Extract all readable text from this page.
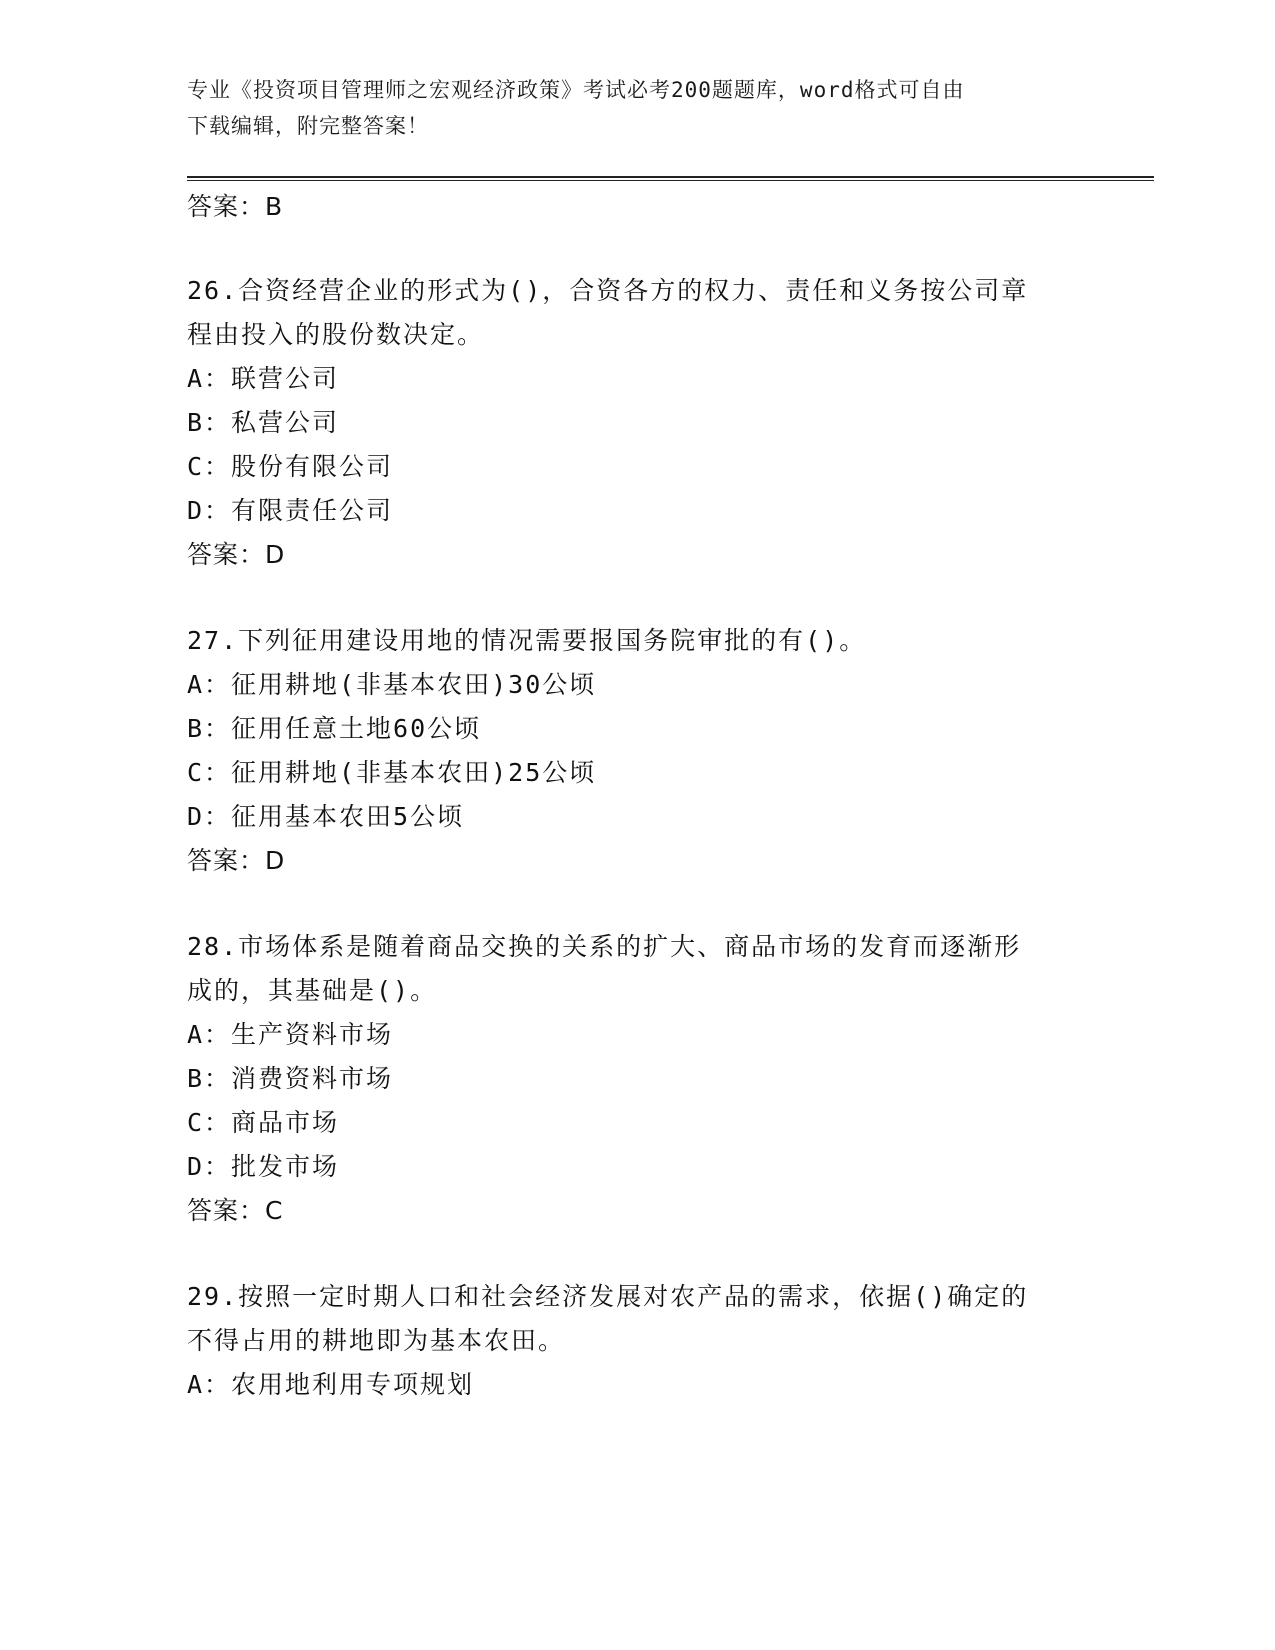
专业《投资项目管理师之宏观经济政策》考试必考200题题库，word格式可自由
下载编辑，附完整答案！
答案：B
26.合资经营企业的形式为()，合资各方的权力、责任和义务按公司章
程由投入的股份数决定。
A：联营公司
B：私营公司
C：股份有限公司
D：有限责任公司
答案：D
27.下列征用建设用地的情况需要报国务院审批的有()。
A：征用耕地(非基本农田)30公顷
B：征用任意土地60公顷
C：征用耕地(非基本农田)25公顷
D：征用基本农田5公顷
答案：D
28.市场体系是随着商品交换的关系的扩大、商品市场的发育而逐渐形
成的，其基础是()。
A：生产资料市场
B：消费资料市场
C：商品市场
D：批发市场
答案：C
29.按照一定时期人口和社会经济发展对农产品的需求，依据()确定的
不得占用的耕地即为基本农田。
A：农用地利用专项规划
